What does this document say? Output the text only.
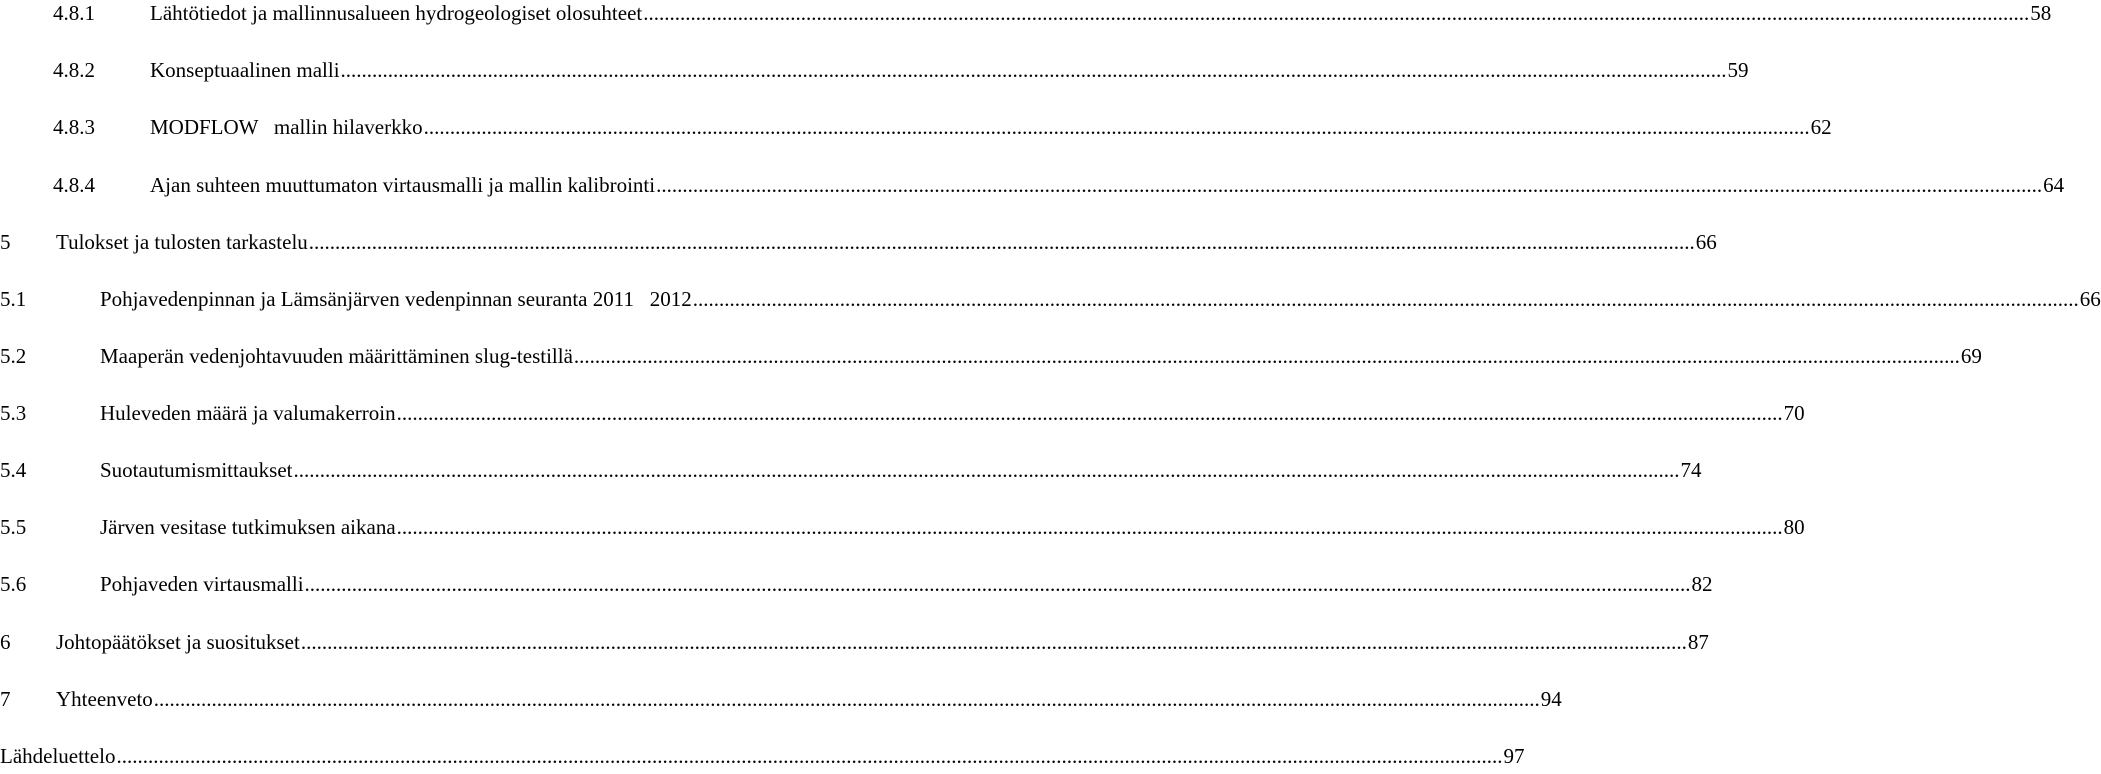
4.8.1	Lähtötiedot ja mallinnusalueen hydrogeologiset olosuhteet .....	58
4.8.2	Konseptuaalinen malli .....	59
4.8.3	MODFLOW   mallin hilaverkko .....	62
4.8.4	Ajan suhteen muuttumaton virtausmalli ja mallin kalibrointi .....	64
5	Tulokset ja tulosten tarkastelu .....	66
5.1	Pohjavedenpinnan ja Lämsänjärven vedenpinnan seuranta 2011   2012 .....	66
5.2	Maaperän vedenjohtavuuden määrittäminen slug-testillä .....	69
5.3	Huleveden määrä ja valumakerroin .....	70
5.4	Suotautumismittaukset .....	74
5.5	Järven vesitase tutkimuksen aikana .....	80
5.6	Pohjaveden virtausmalli .....	82
6	Johtopäätökset ja suositukset .....	87
7	Yhteenveto .....	94
Lähdeluettelo .....	97
